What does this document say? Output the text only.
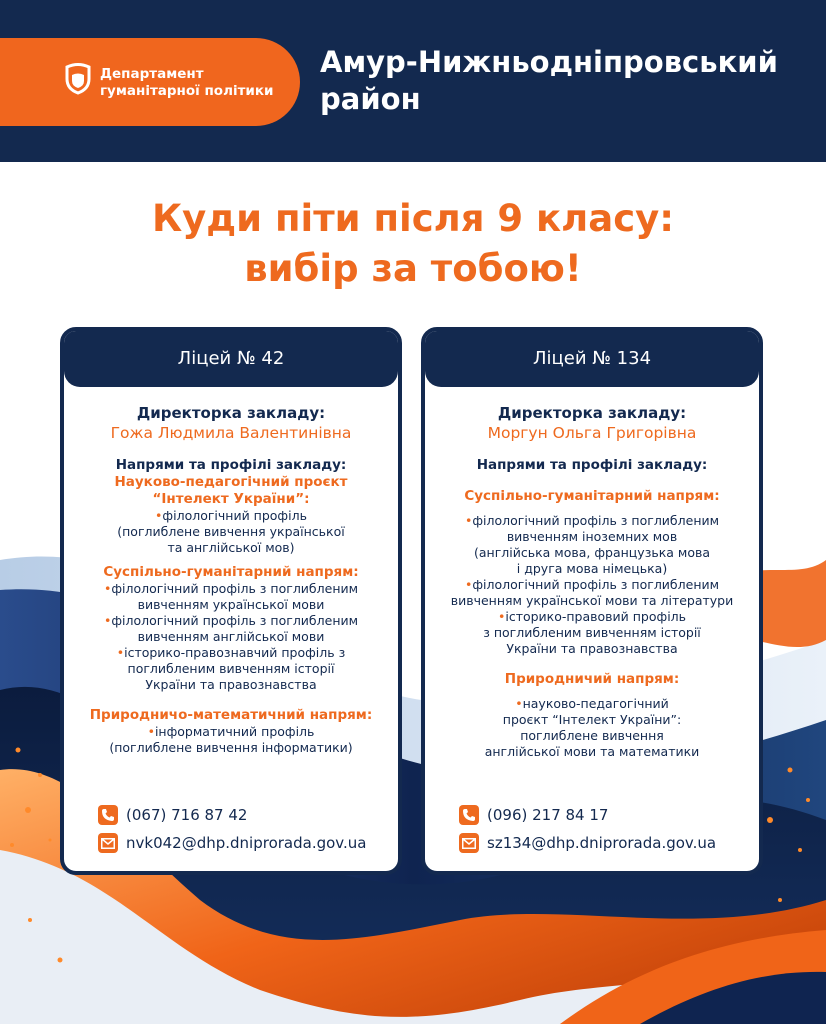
Департамент
гуманітарної політики
Амур-Нижньодніпровський
район
Куди піти після 9 класу:
вибір за тобою!
Ліцей № 42
Директорка закладу:
Гожа Людмила Валентинівна
Напрями та профілі закладу:
Науково-педагогічний проєкт
“Інтелект України”:
•філологічний профіль
(поглиблене вивчення української
та англійської мов)
Суспільно-гуманітарний напрям:
•філологічний профіль з поглибленим
вивченням української мови
•філологічний профіль з поглибленим
вивченням англійської мови
•історико-правознавчий профіль з
поглибленим вивченням історії
України та правознавства
Природничо-математичний напрям:
•інформатичний профіль
(поглиблене вивчення інформатики)
(067) 716 87 42
nvk042@dhp.dniprorada.gov.ua
Ліцей № 134
Директорка закладу:
Моргун Ольга Григорівна
Напрями та профілі закладу:
Суспільно-гуманітарний напрям:
•філологічний профіль з поглибленим
вивченням іноземних мов
(англійська мова, французька мова
і друга мова німецька)
•філологічний профіль з поглибленим
вивченням української мови та літератури
•історико-правовий профіль
з поглибленим вивченням історії
України та правознавства
Природничий напрям:
•науково-педагогічний
проєкт “Інтелект України”:
поглиблене вивчення
англійської мови та математики
(096) 217 84 17
sz134@dhp.dniprorada.gov.ua
